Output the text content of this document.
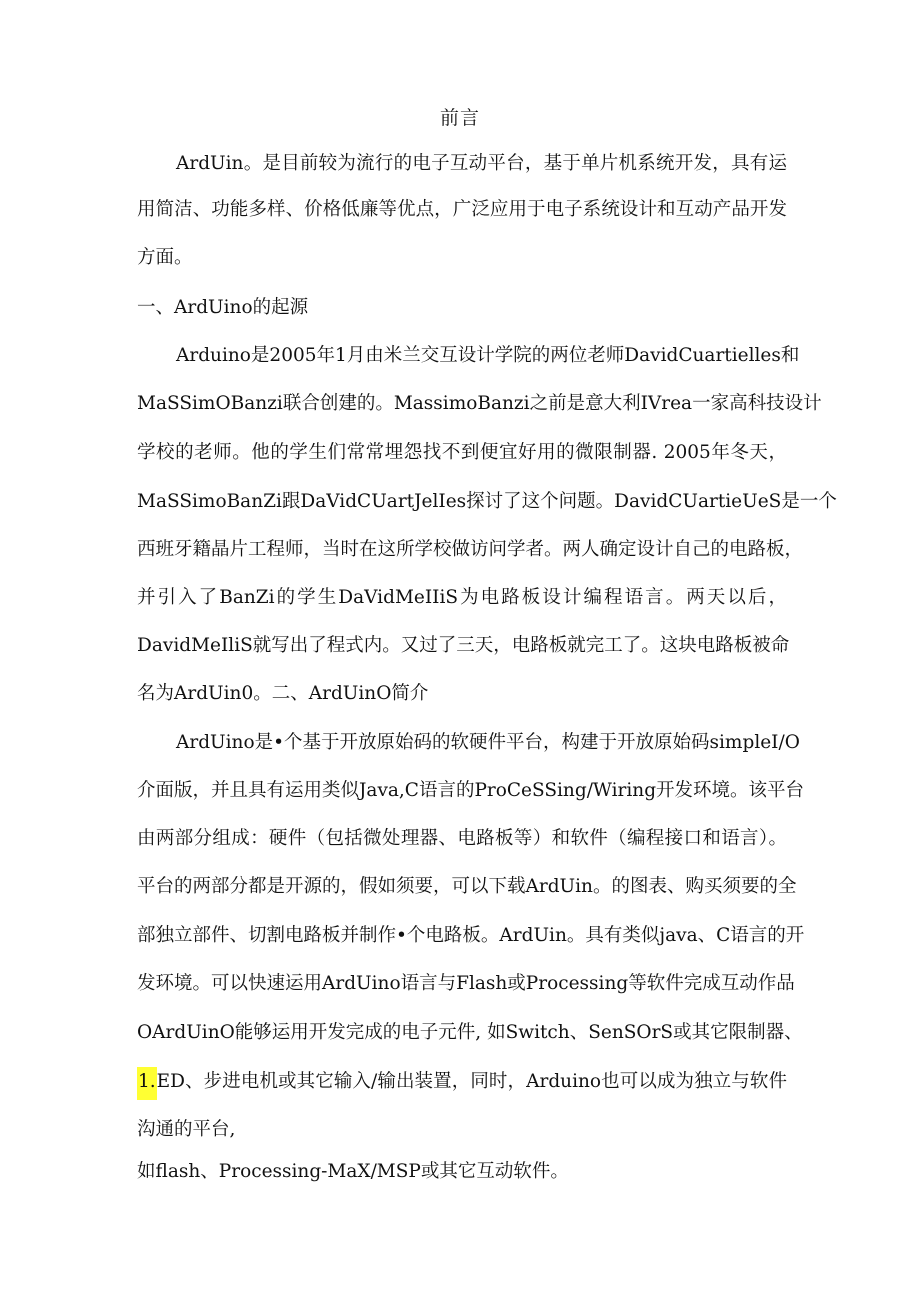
前言
ArdUin。是目前较为流行的电子互动平台，基于单片机系统开发，具有运
用简洁、功能多样、价格低廉等优点，广泛应用于电子系统设计和互动产品开发
方面。
一、ArdUino的起源
Arduino是2005年1月由米兰交互设计学院的两位老师DavidCuartielles和
MaSSimOBanzi联合创建的。MassimoBanzi之前是意大利IVrea一家高科技设计
学校的老师。他的学生们常常埋怨找不到便宜好用的微限制器. 2005年冬天，
MaSSimoBanZi跟DaVidCUartJelIes探讨了这个问题。DavidCUartieUeS是一个
西班牙籍晶片工程师，当时在这所学校做访问学者。两人确定设计自己的电路板，
并引入了BanZi的学生DaVidMeIIiS为电路板设计编程语言。两天以后，
DavidMeIliS就写出了程式内。又过了三天，电路板就完工了。这块电路板被命
名为ArdUin0。二、ArdUinO简介
ArdUino是•个基于开放原始码的软硬件平台，构建于开放原始码simpleI/O
介面版，并且具有运用类似Java,C语言的ProCeSSing/Wiring开发环境。该平台
由两部分组成：硬件（包括微处理器、电路板等）和软件（编程接口和语言）。
平台的两部分都是开源的，假如须要，可以下载ArdUin。的图表、购买须要的全
部独立部件、切割电路板并制作•个电路板。ArdUin。具有类似java、C语言的开
发环境。可以快速运用ArdUino语言与Flash或Processing等软件完成互动作品
OArdUinO能够运用开发完成的电子元件, 如Switch、SenSOrS或其它限制器、
1.ED、步进电机或其它输入/输出装置，同时，Arduino也可以成为独立与软件
沟通的平台,
如flash、Processing-MaX/MSP或其它互动软件。
